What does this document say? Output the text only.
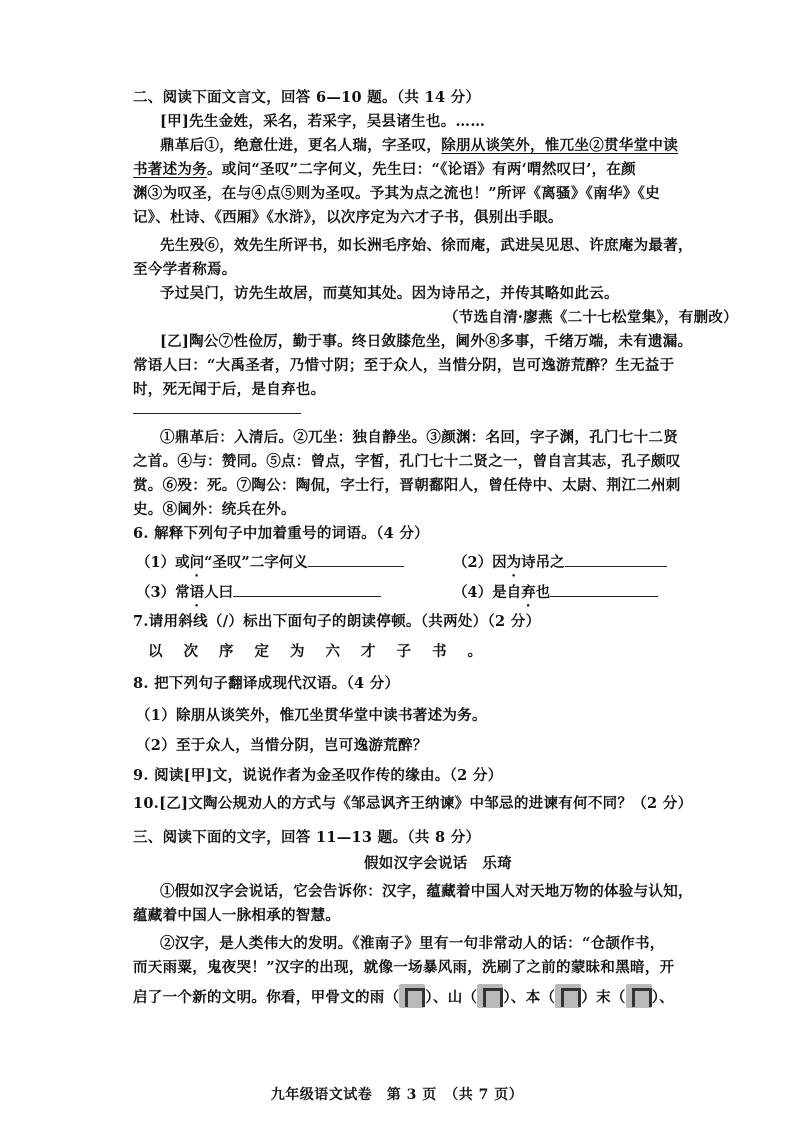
二、阅读下面文言文，回答 6—10 题。（共 14 分）
[甲]先生金姓，采名，若采字，吴县诸生也。……
鼎革后①，绝意仕进，更名人瑞，字圣叹，除朋从谈笑外，惟兀坐②贯华堂中读
书著述为务。或问“圣叹”二字何义，先生曰：“《论语》有两‘喟然叹曰’，在颜
渊③为叹圣，在与④点⑤则为圣叹。予其为点之流也！”所评《离骚》《南华》《史
记》、杜诗、《西厢》《水浒》，以次序定为六才子书，俱别出手眼。
先生殁⑥，效先生所评书，如长洲毛序始、徐而庵，武进吴见思、许庶庵为最著，
至今学者称焉。
予过吴门，访先生故居，而莫知其处。因为诗吊之，并传其略如此云。
（节选自清·廖燕《二十七松堂集》，有删改）
[乙]陶公⑦性俭厉，勤于事。终日敛膝危坐，阃外⑧多事，千绪万端，未有遗漏。
常语人曰：“大禹圣者，乃惜寸阴；至于众人，当惜分阴，岂可逸游荒醉？生无益于
时，死无闻于后，是自弃也。
①鼎革后：入清后。②兀坐：独自静坐。③颜渊：名回，字子渊，孔门七十二贤
之首。④与：赞同。⑤点：曾点，字皙，孔门七十二贤之一，曾自言其志，孔子颇叹
赏。⑥殁：死。⑦陶公：陶侃，字士行，晋朝鄱阳人，曾任侍中、太尉、荆江二州刺
史。⑧阃外：统兵在外。
6. 解释下列句子中加着重号的词语。（4 分）
（1）或问“圣叹”二字何义	（2）因为诗吊之
（3）常语人曰	（4）是自弃也
7.请用斜线（/）标出下面句子的朗读停顿。（共两处）（2 分）
以次序定为六才子书。
8. 把下列句子翻译成现代汉语。（4 分）
（1）除朋从谈笑外，惟兀坐贯华堂中读书著述为务。
（2）至于众人，当惜分阴，岂可逸游荒醉？
9. 阅读[甲]文，说说作者为金圣叹作传的缘由。（2 分）
10.[乙]文陶公规劝人的方式与《邹忌讽齐王纳谏》中邹忌的进谏有何不同？（2 分）
三、阅读下面的文字，回答 11—13 题。（共 8 分）
假如汉字会说话　乐琦
①假如汉字会说话，它会告诉你：汉字，蕴藏着中国人对天地万物的体验与认知，
蕴藏着中国人一脉相承的智慧。
②汉字，是人类伟大的发明。《淮南子》里有一句非常动人的话：“仓颉作书，
而天雨粟，鬼夜哭！”汉字的出现，就像一场暴风雨，洗刷了之前的蒙昧和黑暗，开
启了一个新的文明。你看，甲骨文的雨（ ）、山（ ）、本（ ）末（ ）、
九年级语文试卷　第 3 页　（共 7 页）
